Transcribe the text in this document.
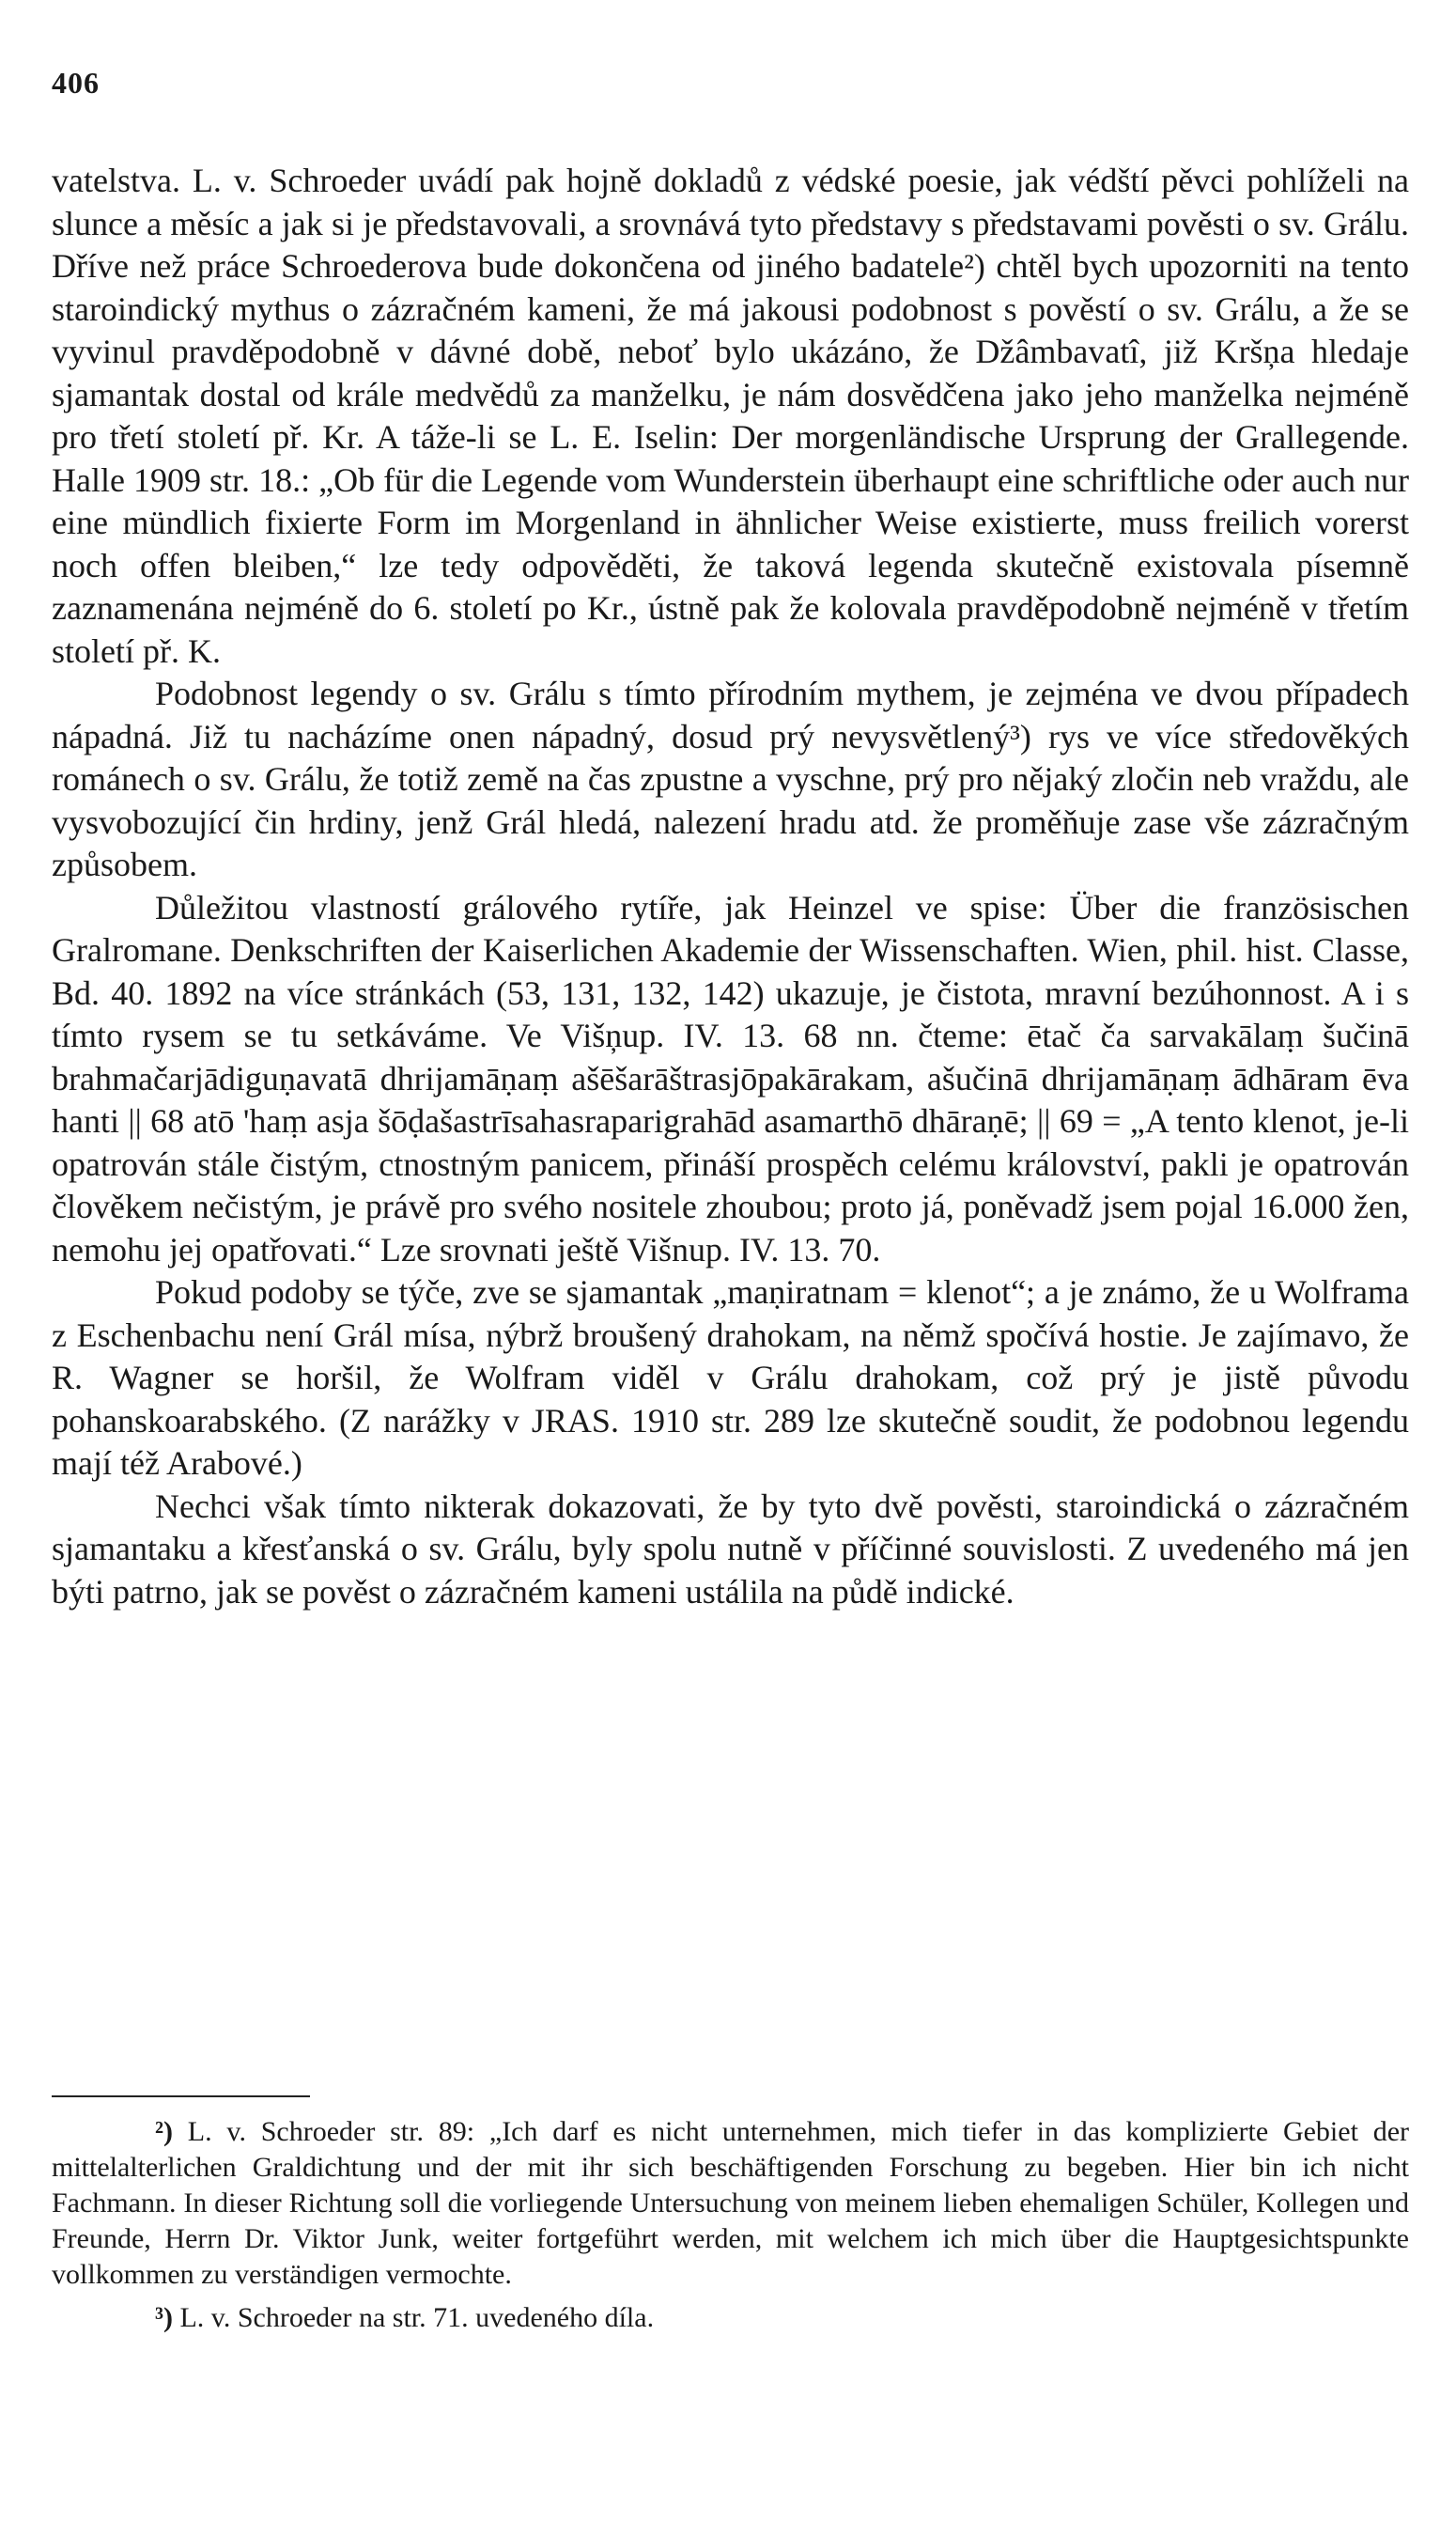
406

vatelstva. L. v. Schroeder uvádí pak hojně dokladů z védské poesie, jak védští pěvci pohlíželi na slunce a měsíc a jak si je představovali, a srovnává tyto představy s představami pověsti o sv. Grálu. Dříve než práce Schroederova bude dokončena od jiného badatele²) chtěl bych upozorniti na tento staroindický mythus o zázračném kameni, že má jakousi podobnost s pověstí o sv. Grálu, a že se vyvinul pravděpodobně v dávné době, neboť bylo ukázáno, že Džâmbavatî, již Kršņa hledaje sjamantak dostal od krále medvědů za manželku, je nám dosvědčena jako jeho manželka nejméně pro třetí století př. Kr. A táže-li se L. E. Iselin: Der morgenländische Ursprung der Grallegende. Halle 1909 str. 18.: „Ob für die Legende vom Wunderstein überhaupt eine schriftliche oder auch nur eine mündlich fixierte Form im Morgenland in ähnlicher Weise existierte, muss freilich vorerst noch offen bleiben,“ lze tedy odpověděti, že taková legenda skutečně existovala písemně zaznamenána nejméně do 6. století po Kr., ústně pak že kolovala pravděpodobně nejméně v třetím století př. K.

Podobnost legendy o sv. Grálu s tímto přírodním mythem, je zejména ve dvou případech nápadná. Již tu nacházíme onen nápadný, dosud prý nevysvětlený³) rys ve více středověkých románech o sv. Grálu, že totiž země na čas zpustne a vyschne, prý pro nějaký zločin neb vraždu, ale vysvobozující čin hrdiny, jenž Grál hledá, nalezení hradu atd. že proměňuje zase vše zázračným způsobem.

Důležitou vlastností grálového rytíře, jak Heinzel ve spise: Über die französischen Gralromane. Denkschriften der Kaiserlichen Akademie der Wissenschaften. Wien, phil. hist. Classe, Bd. 40. 1892 na více stránkách (53, 131, 132, 142) ukazuje, je čistota, mravní bezúhonnost. A i s tímto rysem se tu setkáváme. Ve Višņup. IV. 13. 68 nn. čteme: ētač ča sarvakālaṃ šučinā brahmačarjādiguṇavatā dhrijamāṇaṃ ašēšarāštrasjōpakārakam, ašučinā dhrijamāṇaṃ ādhāram ēva hanti || 68 atō 'haṃ asja šōḍašastrīsahasraparigrahād asamarthō dhāraṇē; || 69 = „A tento klenot, je-li opatrován stále čistým, ctnostným panicem, přináší prospěch celému království, pakli je opatrován člověkem nečistým, je právě pro svého nositele zhoubou; proto já, poněvadž jsem pojal 16.000 žen, nemohu jej opatřovati.“ Lze srovnati ještě Višnup. IV. 13. 70.

Pokud podoby se týče, zve se sjamantak „maṇiratnam = klenot“; a je známo, že u Wolframa z Eschenbachu není Grál mísa, nýbrž broušený drahokam, na němž spočívá hostie. Je zajímavo, že R. Wagner se horšil, že Wolfram viděl v Grálu drahokam, což prý je jistě původu pohanskoarabského. (Z narážky v JRAS. 1910 str. 289 lze skutečně soudit, že podobnou legendu mají též Arabové.)

Nechci však tímto nikterak dokazovati, že by tyto dvě pověsti, staroindická o zázračném sjamantaku a křesťanská o sv. Grálu, byly spolu nutně v příčinné souvislosti. Z uvedeného má jen býti patrno, jak se pověst o zázračném kameni ustálila na půdě indické.

²) L. v. Schroeder str. 89: „Ich darf es nicht unternehmen, mich tiefer in das komplizierte Gebiet der mittelalterlichen Graldichtung und der mit ihr sich beschäftigenden Forschung zu begeben. Hier bin ich nicht Fachmann. In dieser Richtung soll die vorliegende Untersuchung von meinem lieben ehemaligen Schüler, Kollegen und Freunde, Herrn Dr. Viktor Junk, weiter fortgeführt werden, mit welchem ich mich über die Hauptgesichtspunkte vollkommen zu verständigen vermochte.

³) L. v. Schroeder na str. 71. uvedeného díla.
